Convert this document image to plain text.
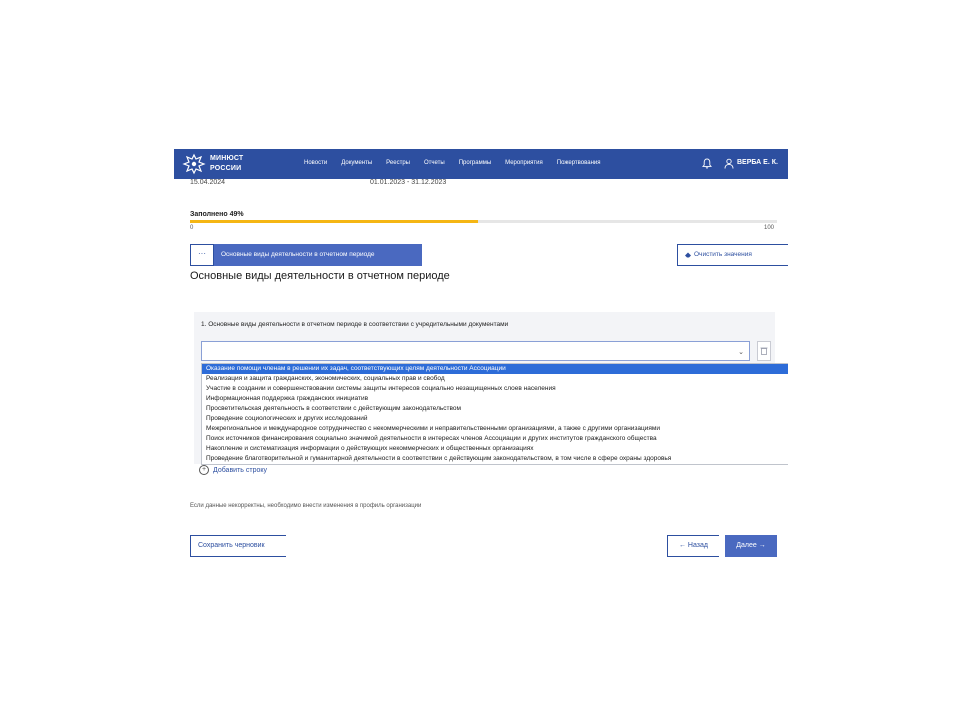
МИНЮСТ
РОССИИ
Новости Документы Реестры Отчеты Программы Мероприятия Пожертвования	ВЕРБА Е. К.
15.04.2024	01.01.2023 - 31.12.2023
Заполнено 49%
0	100
···	Основные виды деятельности в отчетном периоде	Очистить значения
Основные виды деятельности в отчетном периоде
1. Основные виды деятельности в отчетном периоде в соответствии с учредительными документами
⌄
Оказание помощи членам в решении их задач, соответствующих целям деятельности Ассоциации
Реализация и защита гражданских, экономических, социальных прав и свобод
Участие в создании и совершенствовании системы защиты интересов социально незащищенных слоев населения
Информационная поддержка гражданских инициатив
Просветительская деятельность в соответствии с действующим законодательством
Проведение социологических и других исследований
Межрегиональное и международное сотрудничество с некоммерческими и неправительственными организациями, а также с другими организациями
Поиск источников финансирования социально значимой деятельности в интересах членов Ассоциации и других институтов гражданского общества
Накопление и систематизация информации о действующих некоммерческих и общественных организациях
Проведение благотворительной и гуманитарной деятельности в соответствии с действующим законодательством, в том числе в сфере охраны здоровья
+ Добавить строку
Если данные некорректны, необходимо внести изменения в профиль организации
Сохранить черновик	← Назад	Далее →
